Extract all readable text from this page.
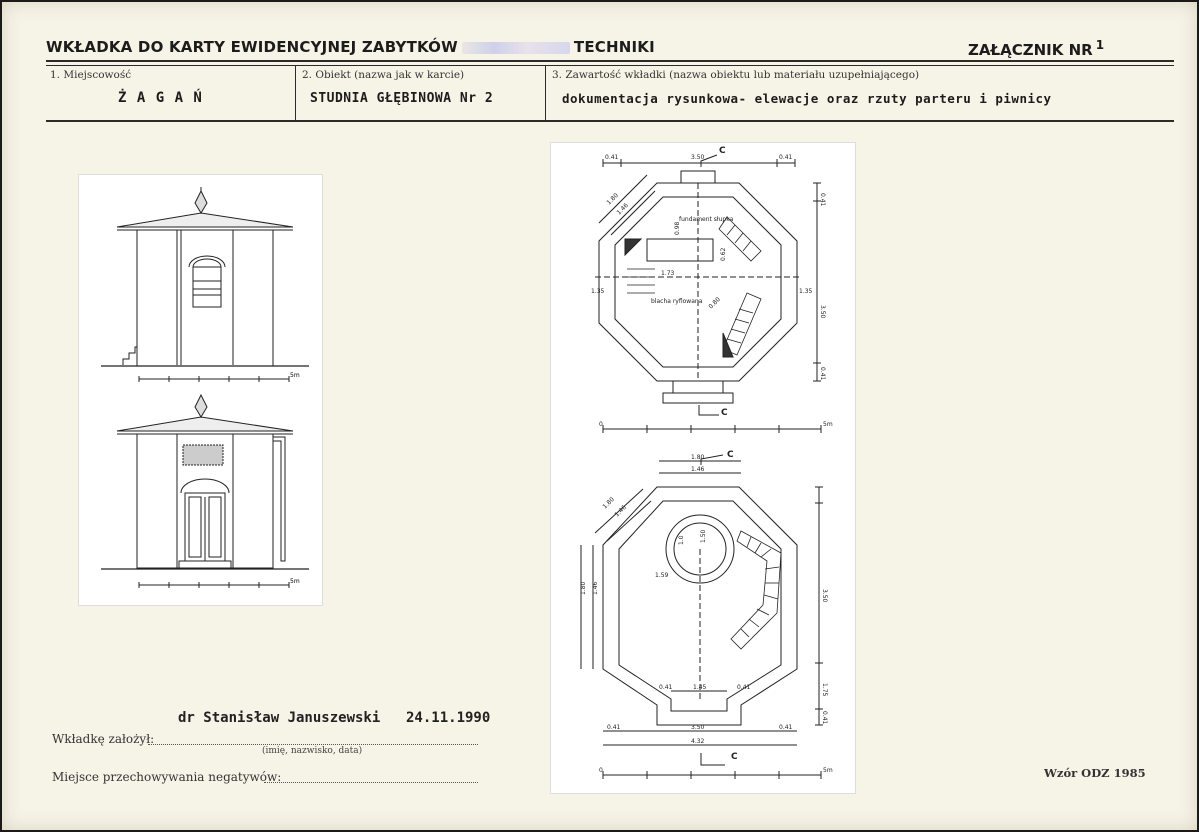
WKŁADKA DO KARTY EWIDENCYJNEJ ZABYTKÓW	TECHNIKI	ZAŁĄCZNIK NR $^1$
1. Miejscowość
Ż A G A Ń
2. Obiekt (nazwa jak w karcie)
STUDNIA GŁĘBINOWA Nr 2
3. Zawartość wkładki (nazwa obiektu lub materiału uzupełniającego)
dokumentacja rysunkowa- elewacje oraz rzuty parteru i piwnicy
5m
5m
0.41	3.50	0.41
1.80
1.46
0.98
0.62
1.73
0.80
1.35
3.50
0.41
0.41
1.35
fundament słupka
blacha ryflowana
C
C
0	5m
1.80
1.46
1.80
1.46
1.50
1.0
1.59
1.80 1.46
0.41	1.45	0.41
3.50
0.41	0.41
4.32
1.75
0.41
3.50
C
C
0	5m
dr Stanisław Januszewski 24.11.1990
Wkładkę założył:
(imię, nazwisko, data)
Miejsce przechowywania negatywów:	Wzór ODZ 1985
